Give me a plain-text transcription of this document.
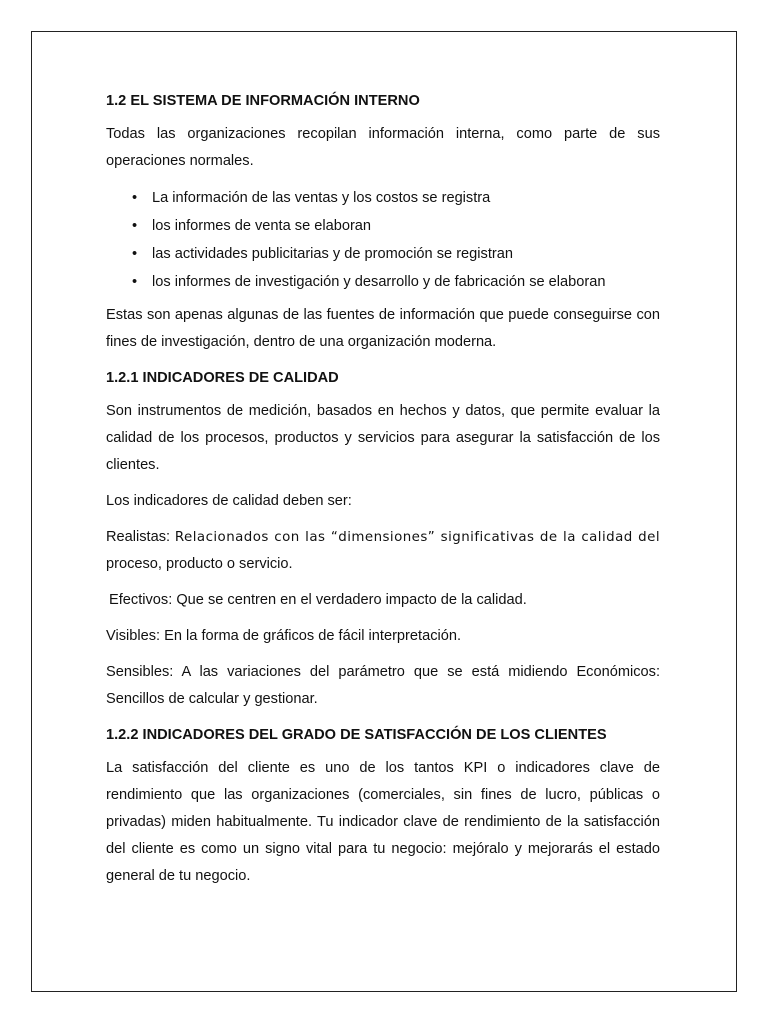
1.2 EL SISTEMA DE INFORMACIÓN INTERNO

Todas las organizaciones recopilan información interna, como parte de sus operaciones normales.

• La información de las ventas y los costos se registra
• los informes de venta se elaboran
• las actividades publicitarias y de promoción se registran
• los informes de investigación y desarrollo y de fabricación se elaboran

Estas son apenas algunas de las fuentes de información que puede conseguirse con fines de investigación, dentro de una organización moderna.

1.2.1 INDICADORES DE CALIDAD

Son instrumentos de medición, basados en hechos y datos, que permite evaluar la calidad de los procesos, productos y servicios para asegurar la satisfacción de los clientes.

Los indicadores de calidad deben ser:

Realistas: Relacionados con las “dimensiones” significativas de la calidad del proceso, producto o servicio.

Efectivos: Que se centren en el verdadero impacto de la calidad.

Visibles: En la forma de gráficos de fácil interpretación.

Sensibles: A las variaciones del parámetro que se está midiendo Económicos: Sencillos de calcular y gestionar.

1.2.2 INDICADORES DEL GRADO DE SATISFACCIÓN DE LOS CLIENTES

La satisfacción del cliente es uno de los tantos KPI o indicadores clave de rendimiento que las organizaciones (comerciales, sin fines de lucro, públicas o privadas) miden habitualmente. Tu indicador clave de rendimiento de la satisfacción del cliente es como un signo vital para tu negocio: mejóralo y mejorarás el estado general de tu negocio.
